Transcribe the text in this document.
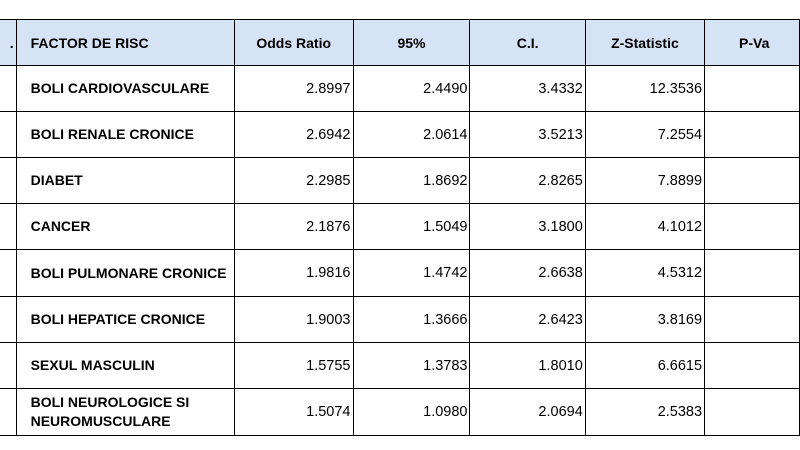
.	FACTOR DE RISC	Odds Ratio	95%	C.I.	Z-Statistic	P-Va
	BOLI CARDIOVASCULARE	2.8997	2.4490	3.4332	12.3536	
	BOLI RENALE CRONICE	2.6942	2.0614	3.5213	7.2554	
	DIABET	2.2985	1.8692	2.8265	7.8899	
	CANCER	2.1876	1.5049	3.1800	4.1012	
	BOLI PULMONARE CRONICE	1.9816	1.4742	2.6638	4.5312	
	BOLI HEPATICE CRONICE	1.9003	1.3666	2.6423	3.8169	
	SEXUL MASCULIN	1.5755	1.3783	1.8010	6.6615	
	BOLI NEUROLOGICE SI NEUROMUSCULARE	1.5074	1.0980	2.0694	2.5383	
